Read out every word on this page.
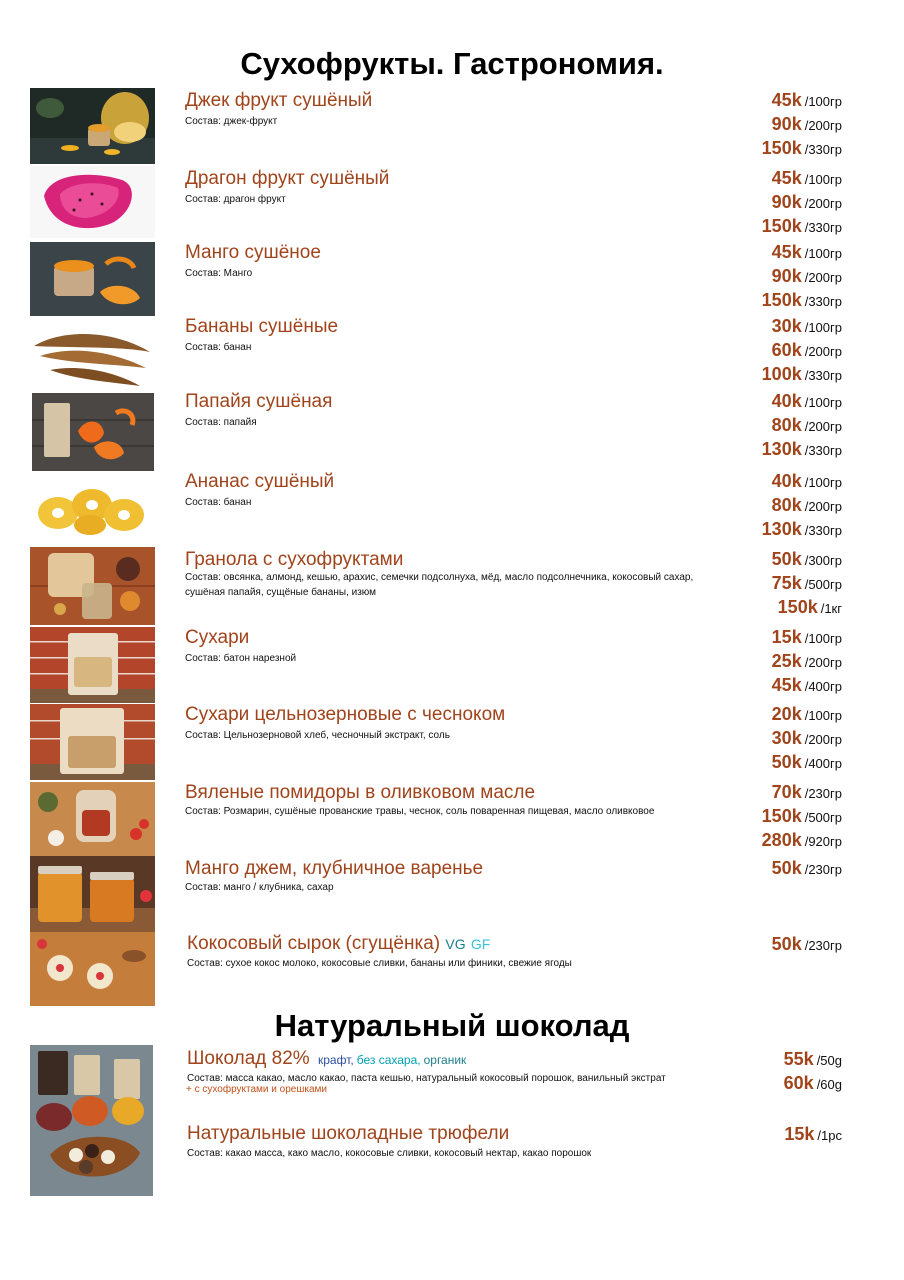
Сухофрукты. Гастрономия.
Джек фрукт сушёный
Состав: джек-фрукт
45k /100гр
90k /200гр
150k /330гр
Драгон фрукт сушёный
Состав: драгон фрукт
45k /100гр
90k /200гр
150k /330гр
Манго сушёное
Состав: Манго
45k /100гр
90k /200гр
150k /330гр
Бананы сушёные
Состав: банан
30k /100гр
60k /200гр
100k /330гр
Папайя сушёная
Состав: папайя
40k /100гр
80k /200гр
130k /330гр
Ананас сушёный
Состав: банан
40k /100гр
80k /200гр
130k /330гр
Гранола с сухофруктами
Состав: овсянка, алмонд, кешью, арахис, семечки подсолнуха, мёд, масло подсолнечника, кокосовый сахар, сушёная папайя, сущёные бананы, изюм
50k /300гр
75k /500гр
150k /1кг
Сухари
Состав: батон нарезной
15k /100гр
25k /200гр
45k /400гр
Сухари цельнозерновые с чесноком
Состав: Цельнозерновой хлеб, чесночный экстракт, соль
20k /100гр
30k /200гр
50k /400гр
Вяленые помидоры в оливковом масле
Состав: Розмарин, сушёные прованские травы, чеснок, соль поваренная пищевая, масло оливковое
70k /230гр
150k /500гр
280k /920гр
Манго джем, клубничное варенье
Состав: манго / клубника, сахар
50k /230гр
Кокосовый сырок (сгущёнка) VG GF
Состав: сухое кокос молоко, кокосовые сливки, бананы или финики, свежие ягоды
50k /230гр
Натуральный шоколад
Шоколад 82% крафт, без сахара, органик
Состав: масса какао, масло какао, паста кешью, натуральный кокосовый порошок, ванильный экстрат
+ с сухофруктами и орешками
55k /50g
60k /60g
Натуральные шоколадные трюфели
Состав: какао масса, како масло, кокосовые сливки, кокосовый нектар, какао порошок
15k /1pc
